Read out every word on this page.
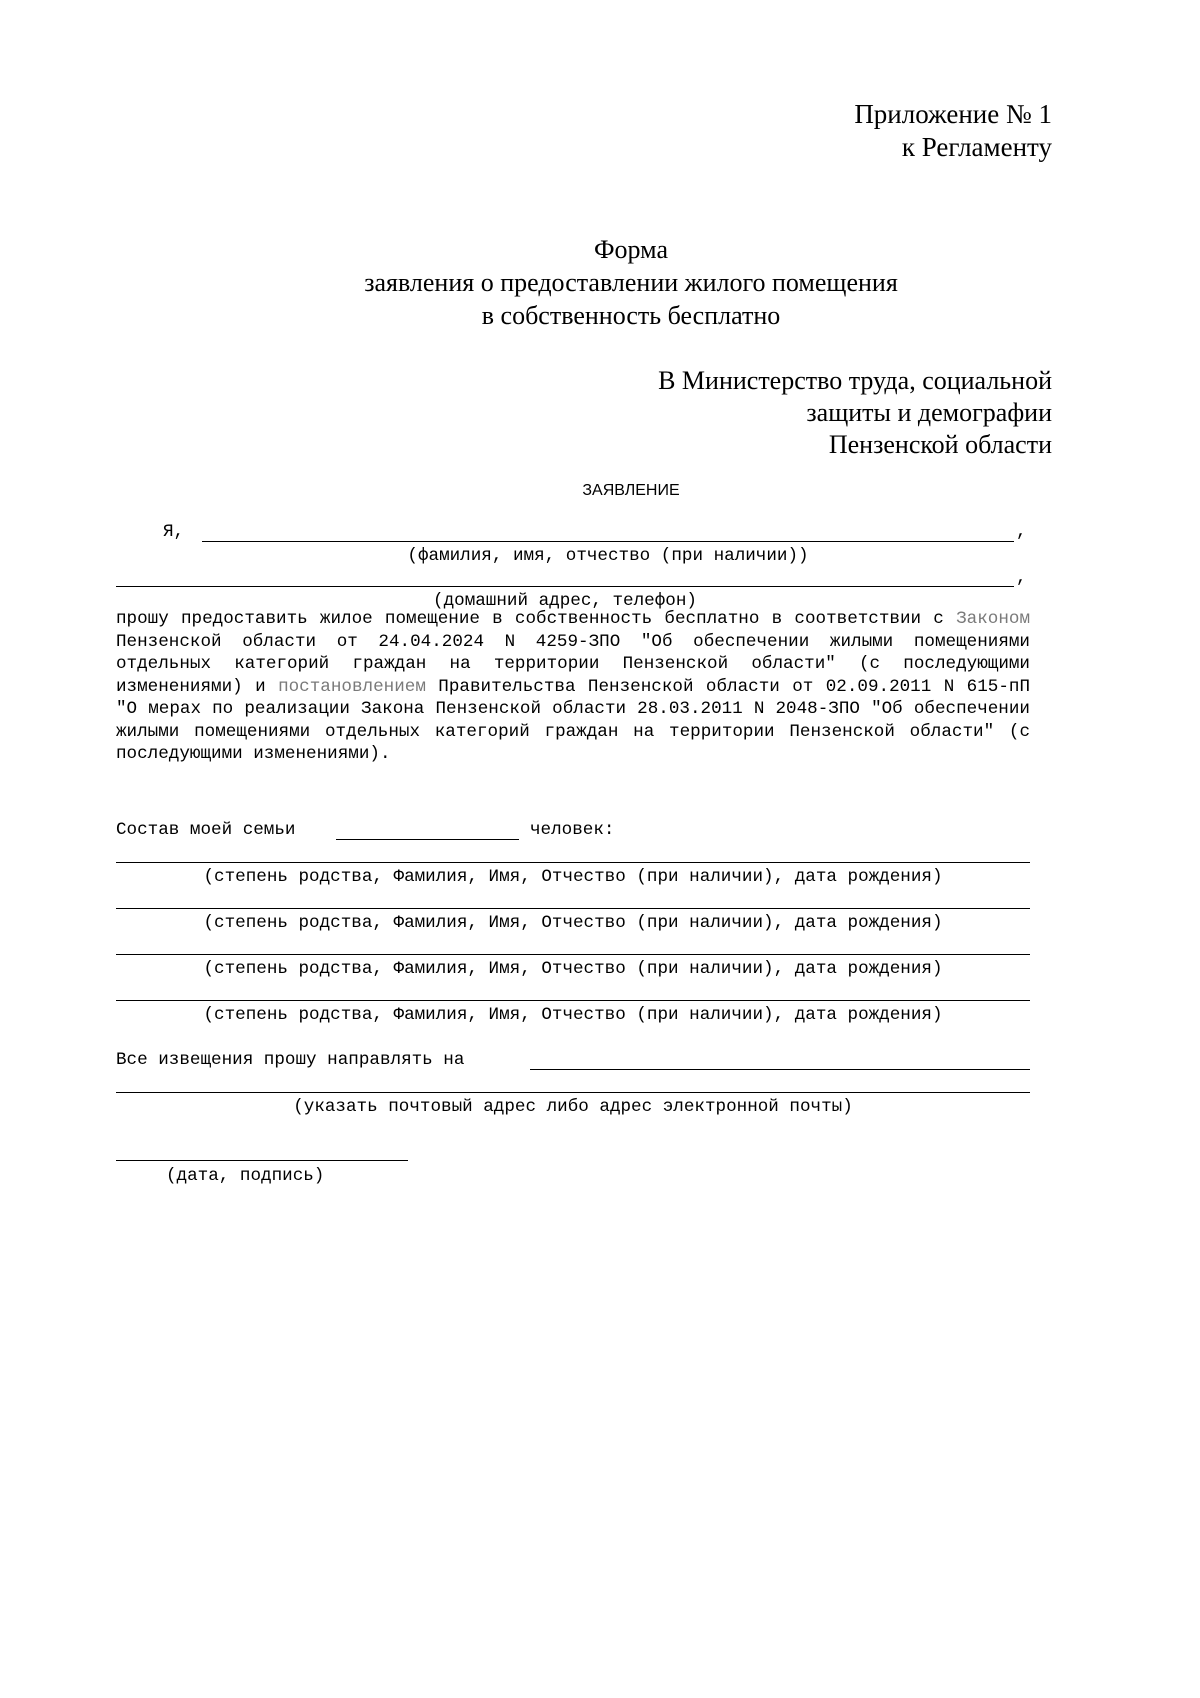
Приложение № 1
к Регламенту
Форма
заявления о предоставлении жилого помещения
в собственность бесплатно
В Министерство труда, социальной
защиты и демографии
Пензенской области
ЗАЯВЛЕНИЕ
Я,	,
(фамилия, имя, отчество (при наличии))
,
(домашний адрес, телефон)
прошу предоставить жилое помещение в собственность бесплатно в соответствии с Законом Пензенской области от 24.04.2024 N 4259-ЗПО "Об обеспечении жилыми помещениями отдельных категорий граждан на территории Пензенской области" (с последующими изменениями) и постановлением Правительства Пензенской области от 02.09.2011 N 615-пП "О мерах по реализации Закона Пензенской области 28.03.2011 N 2048-ЗПО "Об обеспечении жилыми помещениями отдельных категорий граждан на территории Пензенской области" (с последующими изменениями).
Состав моей семьи	человек:
(степень родства, Фамилия, Имя, Отчество (при наличии), дата рождения)
(степень родства, Фамилия, Имя, Отчество (при наличии), дата рождения)
(степень родства, Фамилия, Имя, Отчество (при наличии), дата рождения)
(степень родства, Фамилия, Имя, Отчество (при наличии), дата рождения)
Все извещения прошу направлять на
(указать почтовый адрес либо адрес электронной почты)
(дата, подпись)
